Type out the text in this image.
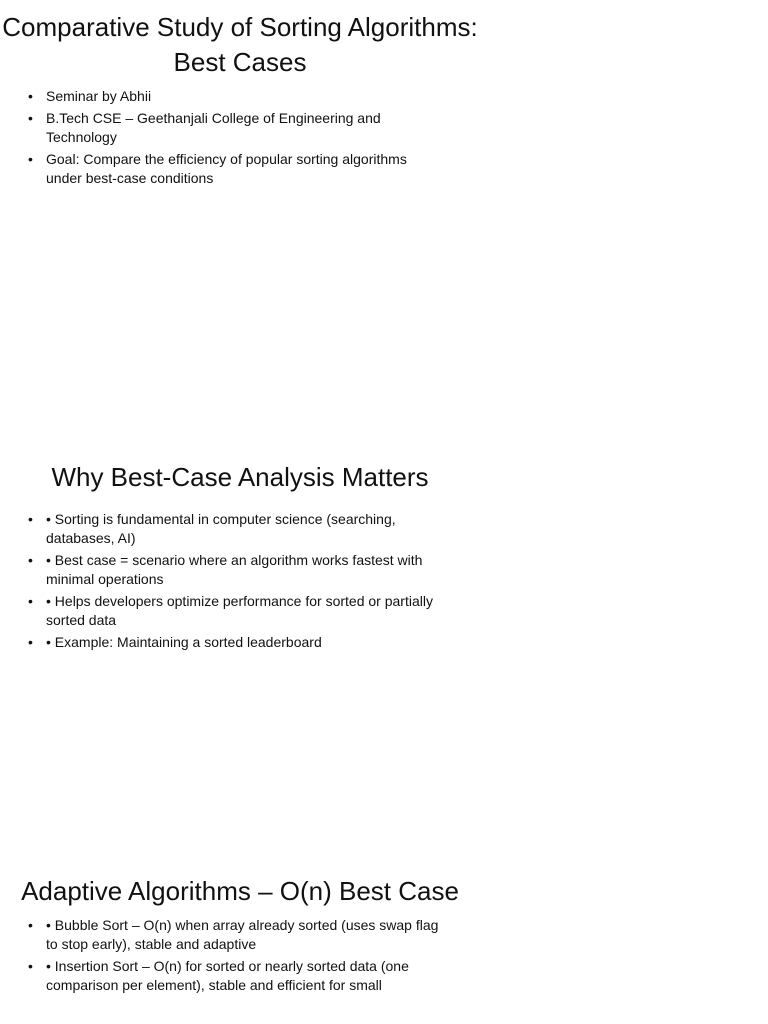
Comparative Study of Sorting Algorithms: Best Cases
• Seminar by Abhii
• B.Tech CSE – Geethanjali College of Engineering and Technology
• Goal: Compare the efficiency of popular sorting algorithms under best-case conditions
Why Best-Case Analysis Matters
• • Sorting is fundamental in computer science (searching, databases, AI)
• • Best case = scenario where an algorithm works fastest with minimal operations
• • Helps developers optimize performance for sorted or partially sorted data
• • Example: Maintaining a sorted leaderboard
Adaptive Algorithms – O(n) Best Case
• • Bubble Sort – O(n) when array already sorted (uses swap flag to stop early), stable and adaptive
• • Insertion Sort – O(n) for sorted or nearly sorted data (one comparison per element), stable and efficient for small
